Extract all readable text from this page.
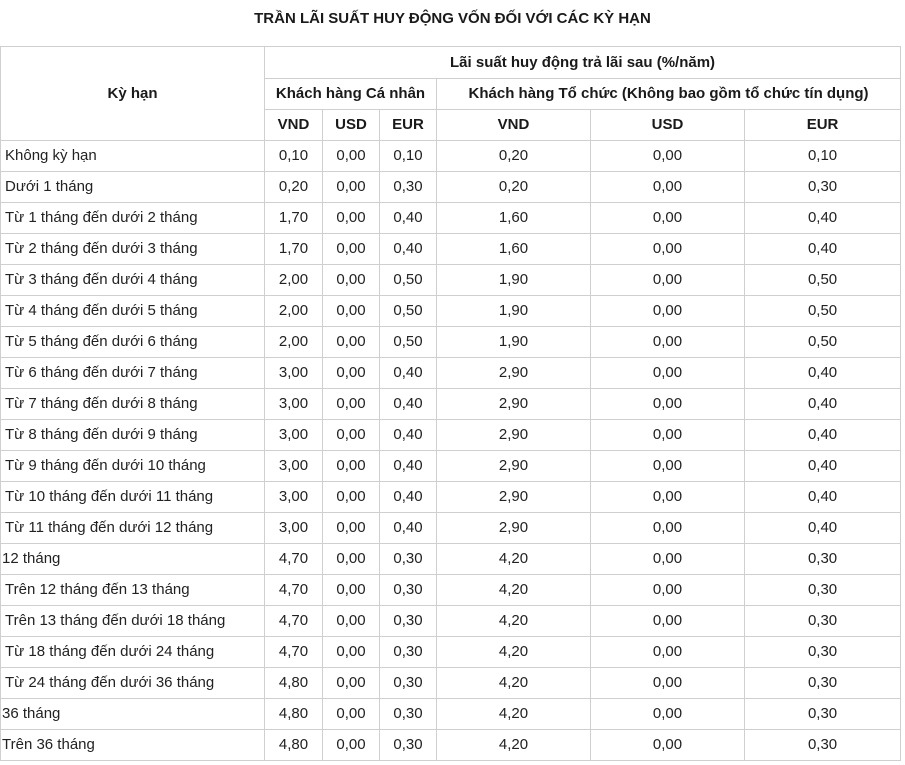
TRẦN LÃI SUẤT HUY ĐỘNG VỐN ĐỐI VỚI CÁC KỲ HẠN
Kỳ hạn	Lãi suất huy động trả lãi sau (%/năm)					
	Khách hàng Cá nhân			Khách hàng Tổ chức (Không bao gồm tổ chức tín dụng)		
	VND	USD	EUR	VND	USD	EUR
Không kỳ hạn	0,10	0,00	0,10	0,20	0,00	0,10
Dưới 1 tháng	0,20	0,00	0,30	0,20	0,00	0,30
Từ 1 tháng đến dưới 2 tháng	1,70	0,00	0,40	1,60	0,00	0,40
Từ 2 tháng đến dưới 3 tháng	1,70	0,00	0,40	1,60	0,00	0,40
Từ 3 tháng đến dưới 4 tháng	2,00	0,00	0,50	1,90	0,00	0,50
Từ 4 tháng đến dưới 5 tháng	2,00	0,00	0,50	1,90	0,00	0,50
Từ 5 tháng đến dưới 6 tháng	2,00	0,00	0,50	1,90	0,00	0,50
Từ 6 tháng đến dưới 7 tháng	3,00	0,00	0,40	2,90	0,00	0,40
Từ 7 tháng đến dưới 8 tháng	3,00	0,00	0,40	2,90	0,00	0,40
Từ 8 tháng đến dưới 9 tháng	3,00	0,00	0,40	2,90	0,00	0,40
Từ 9 tháng đến dưới 10 tháng	3,00	0,00	0,40	2,90	0,00	0,40
Từ 10 tháng đến dưới 11 tháng	3,00	0,00	0,40	2,90	0,00	0,40
Từ 11 tháng đến dưới 12 tháng	3,00	0,00	0,40	2,90	0,00	0,40
12 tháng	4,70	0,00	0,30	4,20	0,00	0,30
Trên 12 tháng đến 13 tháng	4,70	0,00	0,30	4,20	0,00	0,30
Trên 13 tháng đến dưới 18 tháng	4,70	0,00	0,30	4,20	0,00	0,30
Từ 18 tháng đến dưới 24 tháng	4,70	0,00	0,30	4,20	0,00	0,30
Từ 24 tháng đến dưới 36 tháng	4,80	0,00	0,30	4,20	0,00	0,30
36 tháng	4,80	0,00	0,30	4,20	0,00	0,30
Trên 36 tháng	4,80	0,00	0,30	4,20	0,00	0,30
